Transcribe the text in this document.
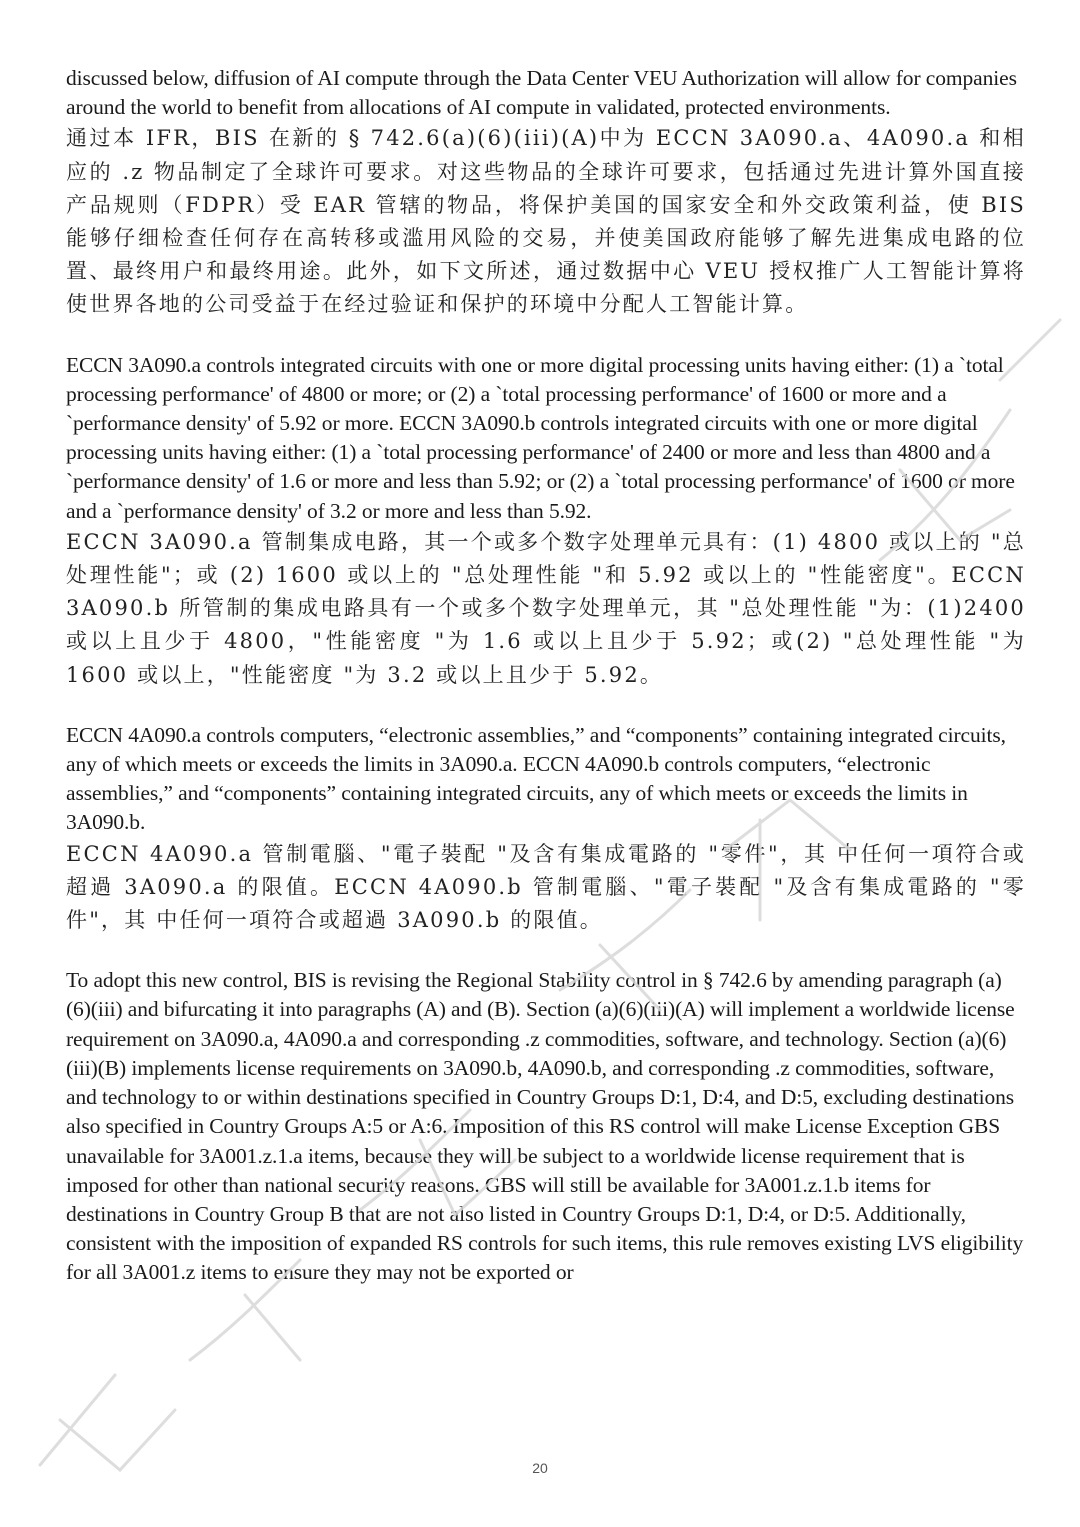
discussed below, diffusion of AI compute through the Data Center VEU Authorization will allow for companies around the world to benefit from allocations of AI compute in validated, protected environments.

通过本 IFR，BIS 在新的 § 742.6(a)(6)(iii)(A)中为 ECCN 3A090.a、4A090.a 和相应的 .z 物品制定了全球许可要求。对这些物品的全球许可要求，包括通过先进计算外国直接产品规则（FDPR）受 EAR 管辖的物品，将保护美国的国家安全和外交政策利益，使 BIS 能够仔细检查任何存在高转移或滥用风险的交易，并使美国政府能够了解先进集成电路的位置、最终用户和最终用途。此外，如下文所述，通过数据中心 VEU 授权推广人工智能计算将使世界各地的公司受益于在经过验证和保护的环境中分配人工智能计算。

ECCN 3A090.a controls integrated circuits with one or more digital processing units having either: (1) a `total processing performance' of 4800 or more; or (2) a `total processing performance' of 1600 or more and a `performance density' of 5.92 or more. ECCN 3A090.b controls integrated circuits with one or more digital processing units having either: (1) a `total processing performance' of 2400 or more and less than 4800 and a `performance density' of 1.6 or more and less than 5.92; or (2) a `total processing performance' of 1600 or more and a `performance density' of 3.2 or more and less than 5.92.

ECCN 3A090.a 管制集成电路，其一个或多个数字处理单元具有：(1) 4800 或以上的 "总处理性能"；或 (2) 1600 或以上的 "总处理性能 "和 5.92 或以上的 "性能密度"。ECCN 3A090.b 所管制的集成电路具有一个或多个数字处理单元，其 "总处理性能 "为：(1)2400 或以上且少于 4800，"性能密度 "为 1.6 或以上且少于 5.92；或(2) "总处理性能 "为 1600 或以上，"性能密度 "为 3.2 或以上且少于 5.92。

ECCN 4A090.a controls computers, “electronic assemblies,” and “components” containing integrated circuits, any of which meets or exceeds the limits in 3A090.a. ECCN 4A090.b controls computers, “electronic assemblies,” and “components” containing integrated circuits, any of which meets or exceeds the limits in 3A090.b.

ECCN 4A090.a 管制電腦、"電子裝配 "及含有集成電路的 "零件"，其 中任何一項符合或超過 3A090.a 的限值。ECCN 4A090.b 管制電腦、"電子裝配 "及含有集成電路的 "零件"，其 中任何一項符合或超過 3A090.b 的限值。

To adopt this new control, BIS is revising the Regional Stability control in § 742.6 by amending paragraph (a)(6)(iii) and bifurcating it into paragraphs (A) and (B). Section (a)(6)(iii)(A) will implement a worldwide license requirement on 3A090.a, 4A090.a and corresponding .z commodities, software, and technology. Section (a)(6)(iii)(B) implements license requirements on 3A090.b, 4A090.b, and corresponding .z commodities, software, and technology to or within destinations specified in Country Groups D:1, D:4, and D:5, excluding destinations also specified in Country Groups A:5 or A:6. Imposition of this RS control will make License Exception GBS unavailable for 3A001.z.1.a items, because they will be subject to a worldwide license requirement that is imposed for other than national security reasons. GBS will still be available for 3A001.z.1.b items for destinations in Country Group B that are not also listed in Country Groups D:1, D:4, or D:5. Additionally, consistent with the imposition of expanded RS controls for such items, this rule removes existing LVS eligibility for all 3A001.z items to ensure they may not be exported or

20
